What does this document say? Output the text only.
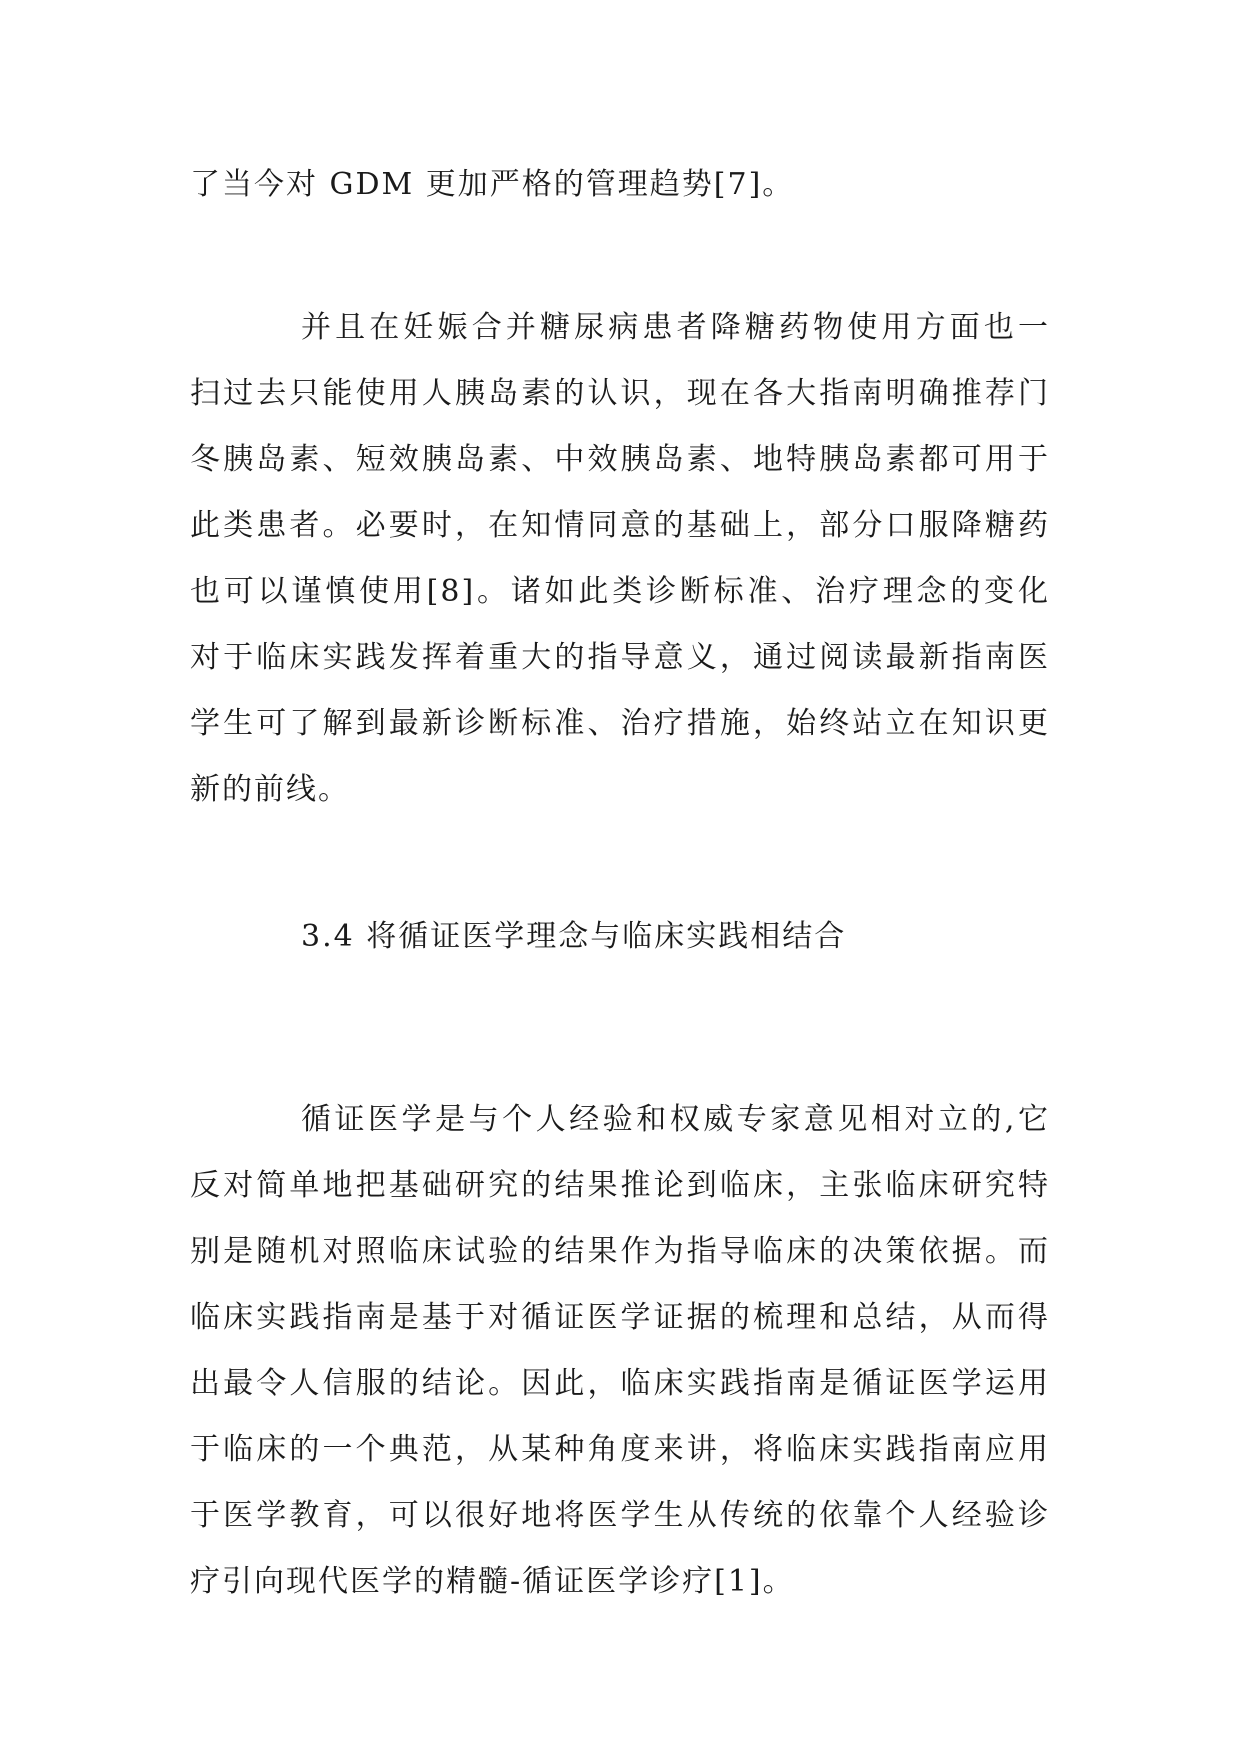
了当今对 GDM 更加严格的管理趋势[7]。
并且在妊娠合并糖尿病患者降糖药物使用方面也一
扫过去只能使用人胰岛素的认识，现在各大指南明确推荐门
冬胰岛素、短效胰岛素、中效胰岛素、地特胰岛素都可用于
此类患者。必要时，在知情同意的基础上，部分口服降糖药
也可以谨慎使用[8]。诸如此类诊断标准、治疗理念的变化
对于临床实践发挥着重大的指导意义，通过阅读最新指南医
学生可了解到最新诊断标准、治疗措施，始终站立在知识更
新的前线。
3.4 将循证医学理念与临床实践相结合
循证医学是与个人经验和权威专家意见相对立的,它
反对简单地把基础研究的结果推论到临床，主张临床研究特
别是随机对照临床试验的结果作为指导临床的决策依据。而
临床实践指南是基于对循证医学证据的梳理和总结，从而得
出最令人信服的结论。因此，临床实践指南是循证医学运用
于临床的一个典范，从某种角度来讲，将临床实践指南应用
于医学教育，可以很好地将医学生从传统的依靠个人经验诊
疗引向现代医学的精髓-循证医学诊疗[1]。
